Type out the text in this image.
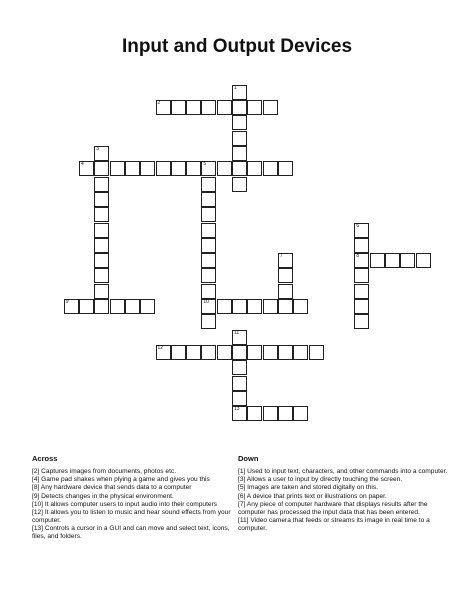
Input and Output Devices
1
2
3
4	5
10
6
8
7
9
11
13
12
Across
[2] Captures images from documents, photos etc.
[4] Game pad shakes when plying a game and gives you this
[8] Any hardware device that sends data to a computer
[9] Detects changes in the physical environment.
[10] It allows computer users to input audio into their computers
[12] It allows you to listen to music and hear sound effects from your computer.
[13] Controls a cursor in a GUI and can move and select text, icons, files, and folders.
Down
[1] Used to input text, characters, and other commands into a computer.
[3] Allows a user to input by directly touching the screen.
[5] Images are taken and stored digitally on this.
[6] A device that prints text or illustrations on paper.
[7] Any piece of computer hardware that displays results after the computer has processed the input data that has been entered.
[11] Video camera that feeds or streams its image in real time to a computer.
